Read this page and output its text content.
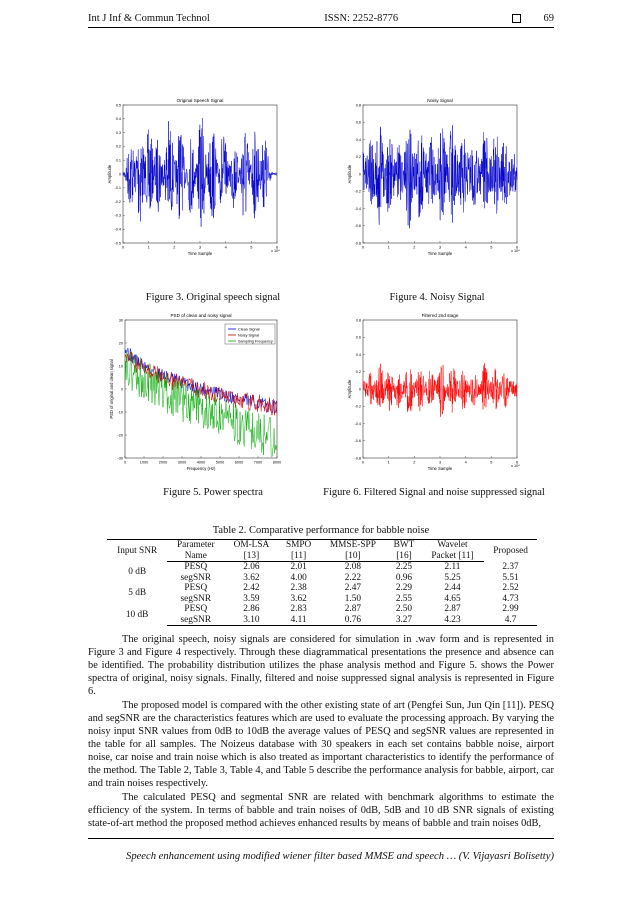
Int J Inf & Commun Technol	ISSN: 2252-8776	69
Original Speech Signal
Time Sample
Amplitude
0	1	2	3	4	5	6
0.5
0.4
0.3
0.2
0.1
0
-0.1
-0.2
-0.3
-0.4
-0.5
x 10⁴
Noisy Signal
Time Sample
Amplitude
0	1	2	3	4	5	6
0.8
0.6
0.4
0.2
0
-0.2
-0.4
-0.6
-0.8
x 10⁴
PSD of clean and noisy signal
Frequency (Hz)
PSD of original and clean signal
0	1000	2000	3000	4000	5000	6000	7000	8000
30
20
10
0
-10
-20
-30
Clean Signal
Noisy Signal
Sampling Frequency
Filtered 2nd stage
Time Sample
Amplitude
0	1	2	3	4	5	6
0.8
0.6
0.4
0.2
0
-0.2
-0.4
-0.6
-0.8
x 10⁴
Figure 3. Original speech signal	Figure 4. Noisy Signal
Figure 5. Power spectra	Figure 6. Filtered Signal and noise suppressed signal
Table 2. Comparative performance for babble noise
Input SNR	Parameter	OM-LSA	SMPO	MMSE-SPP	BWT	Wavelet	Proposed
	Name	[13]	[11]	[10]	[16]	Packet [11]	
0 dB	PESQ	2.06	2.01	2.08	2.25	2.11	2.37
	segSNR	3.62	4.00	2.22	0.96	5.25	5.51
5 dB	PESQ	2.42	2.38	2.47	2.29	2.44	2.52
	segSNR	3.59	3.62	1.50	2.55	4.65	4.73
10 dB	PESQ	2.86	2.83	2.87	2.50	2.87	2.99
	segSNR	3.10	4.11	0.76	3.27	4.23	4.7

The original speech, noisy signals are considered for simulation in .wav form and is represented in Figure 3 and Figure 4 respectively. Through these diagrammatical presentations the presence and absence can be identified. The probability distribution utilizes the phase analysis method and Figure 5. shows the Power spectra of original, noisy signals. Finally, filtered and noise suppressed signal analysis is represented in Figure 6.

The proposed model is compared with the other existing state of art (Pengfei Sun, Jun Qin [11]). PESQ and segSNR are the characteristics features which are used to evaluate the processing approach. By varying the noisy input SNR values from 0dB to 10dB the average values of PESQ and segSNR values are represented in the table for all samples. The Noizeus database with 30 speakers in each set contains babble noise, airport noise, car noise and train noise which is also treated as important characteristics to identify the performance of the method. The Table 2, Table 3, Table 4, and Table 5 describe the performance analysis for babble, airport, car and train noises respectively.

The calculated PESQ and segmental SNR are related with benchmark algorithms to estimate the efficiency of the system. In terms of babble and train noises of 0dB, 5dB and 10 dB SNR signals of existing state-of-art method the proposed method achieves enhanced results by means of babble and train noises 0dB,

Speech enhancement using modified wiener filter based MMSE and speech … (V. Vijayasri Bolisetty)
